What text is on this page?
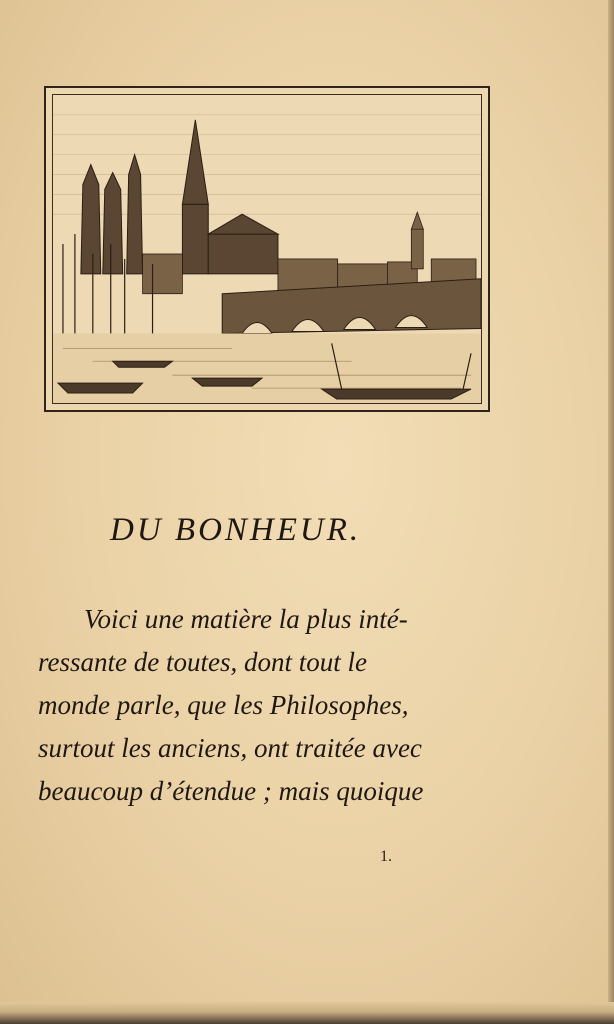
DU BONHEUR.
Voici une matière la plus inté-
ressante de toutes, dont tout le
monde parle, que les Philosophes,
surtout les anciens, ont traitée avec
beaucoup d’étendue ; mais quoique
1.
